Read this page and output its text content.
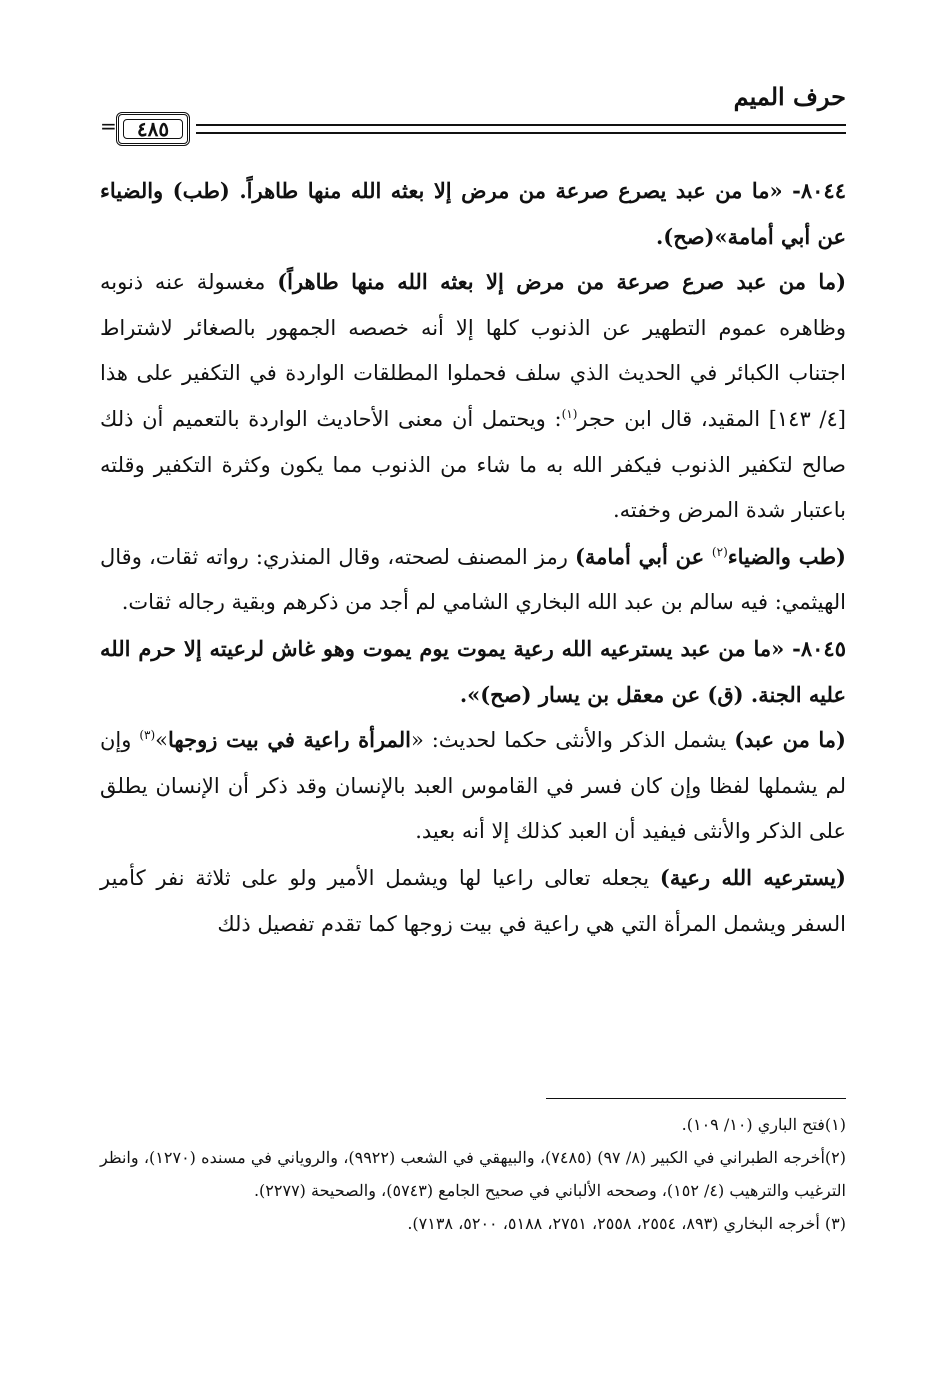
حرف الميم
= ٤٨٥

٨٠٤٤- «ما من عبد يصرع صرعة من مرض إلا بعثه الله منها طاهراً. (طب) والضياء عن أبي أمامة»(صح).

(ما من عبد صرع صرعة من مرض إلا بعثه الله منها طاهراً) مغسولة عنه ذنوبه وظاهره عموم التطهير عن الذنوب كلها إلا أنه خصصه الجمهور بالصغائر لاشتراط اجتناب الكبائر في الحديث الذي سلف فحملوا المطلقات الواردة في التكفير على هذا [٤/ ١٤٣] المقيد، قال ابن حجر$^{(١)}$: ويحتمل أن معنى الأحاديث الواردة بالتعميم أن ذلك صالح لتكفير الذنوب فيكفر الله به ما شاء من الذنوب مما يكون وكثرة التكفير وقلته باعتبار شدة المرض وخفته.

(طب والضياء$^{(٢)}$ عن أبي أمامة) رمز المصنف لصحته، وقال المنذري: رواته ثقات، وقال الهيثمي: فيه سالم بن عبد الله البخاري الشامي لم أجد من ذكرهم وبقية رجاله ثقات.

٨٠٤٥- «ما من عبد يسترعيه الله رعية يموت يوم يموت وهو غاش لرعيته إلا حرم الله عليه الجنة. (ق) عن معقل بن يسار (صح)».

(ما من عبد) يشمل الذكر والأنثى حكما لحديث: «المرأة راعية في بيت زوجها»$^{(٣)}$ وإن لم يشملها لفظا وإن كان فسر في القاموس العبد بالإنسان وقد ذكر أن الإنسان يطلق على الذكر والأنثى فيفيد أن العبد كذلك إلا أنه بعيد.

(يسترعيه الله رعية) يجعله تعالى راعيا لها ويشمل الأمير ولو على ثلاثة نفر كأمير السفر ويشمل المرأة التي هي راعية في بيت زوجها كما تقدم تفصيل ذلك

(١)فتح الباري (١٠/ ١٠٩).

(٢)أخرجه الطبراني في الكبير (٨/ ٩٧) (٧٤٨٥)، والبيهقي في الشعب (٩٩٢٢)، والروياني في مسنده (١٢٧٠)، وانظر الترغيب والترهيب (٤/ ١٥٢)، وصححه الألباني في صحيح الجامع (٥٧٤٣)، والصحيحة (٢٢٧٧).

(٣) أخرجه البخاري (٨٩٣، ٢٥٥٤، ٢٥٥٨، ٢٧٥١، ٥١٨٨، ٥٢٠٠، ٧١٣٨).
